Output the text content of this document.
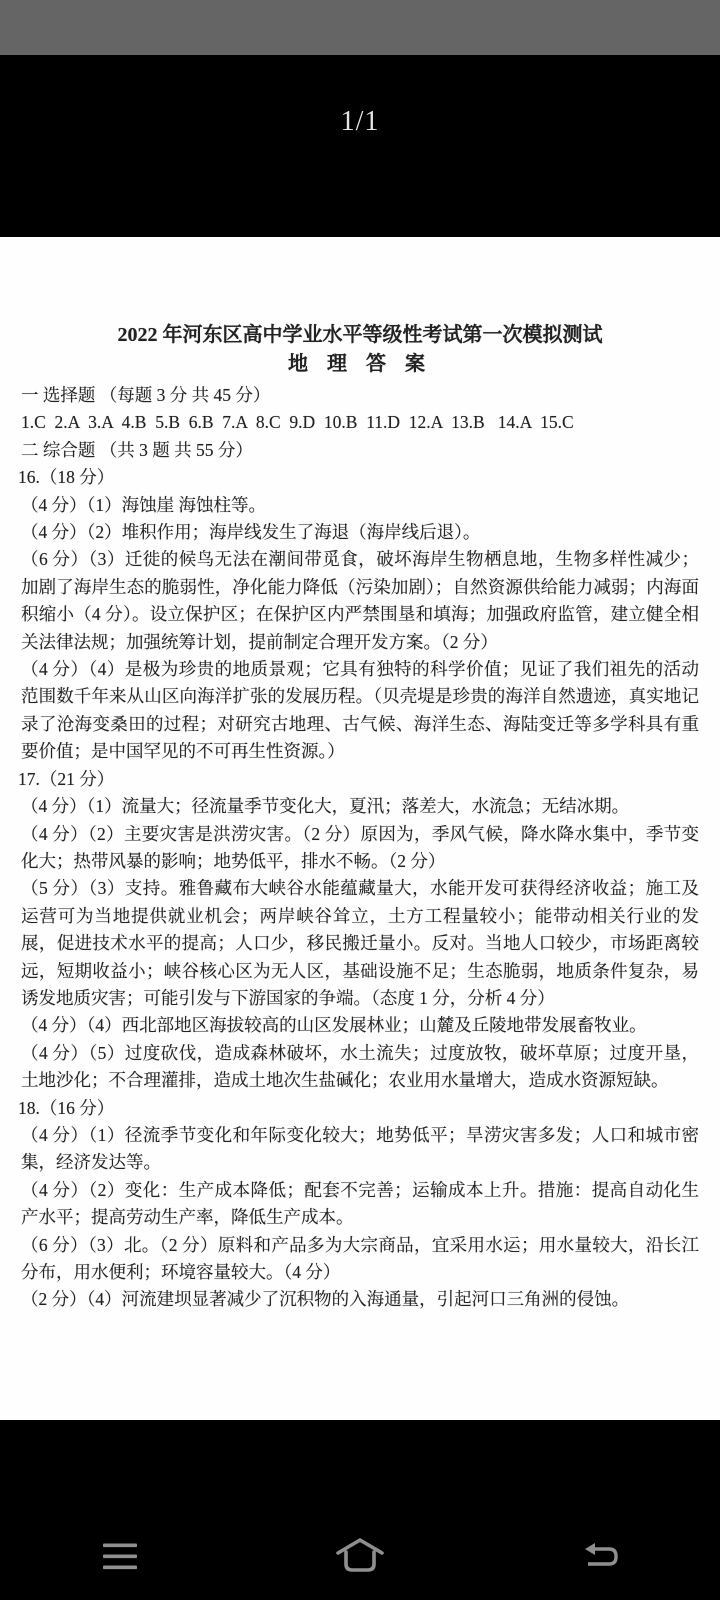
1/1
2022 年河东区高中学业水平等级性考试第一次模拟测试
地 理 答 案

一 选择题 （每题 3 分 共 45 分）

1.C  2.A  3.A  4.B  5.B  6.B  7.A  8.C  9.D  10.B  11.D  12.A  13.B   14.A  15.C

二 综合题 （共 3 题 共 55 分）

16.（18 分）

（4 分）（1）海蚀崖 海蚀柱等。

（4 分）（2）堆积作用；海岸线发生了海退（海岸线后退）。

（6 分）（3）迁徙的候鸟无法在潮间带觅食，破坏海岸生物栖息地，生物多样性减少；加剧了海岸生态的脆弱性，净化能力降低（污染加剧）；自然资源供给能力减弱；内海面积缩小（4 分）。设立保护区；在保护区内严禁围垦和填海；加强政府监管，建立健全相关法律法规；加强统筹计划，提前制定合理开发方案。（2 分）

（4 分）（4）是极为珍贵的地质景观；它具有独特的科学价值；见证了我们祖先的活动范围数千年来从山区向海洋扩张的发展历程。（贝壳堤是珍贵的海洋自然遗迹，真实地记录了沧海变桑田的过程；对研究古地理、古气候、海洋生态、海陆变迁等多学科具有重要价值；是中国罕见的不可再生性资源。）

17.（21 分）

（4 分）（1）流量大；径流量季节变化大，夏汛；落差大，水流急；无结冰期。

（4 分）（2）主要灾害是洪涝灾害。（2 分）原因为，季风气候，降水降水集中，季节变化大；热带风暴的影响；地势低平，排水不畅。（2 分）

（5 分）（3）支持。雅鲁藏布大峡谷水能蕴藏量大，水能开发可获得经济收益；施工及运营可为当地提供就业机会；两岸峡谷耸立，土方工程量较小；能带动相关行业的发展，促进技术水平的提高；人口少，移民搬迁量小。反对。当地人口较少，市场距离较远，短期收益小；峡谷核心区为无人区，基础设施不足；生态脆弱，地质条件复杂，易诱发地质灾害；可能引发与下游国家的争端。（态度 1 分，分析 4 分）

（4 分）（4）西北部地区海拔较高的山区发展林业；山麓及丘陵地带发展畜牧业。

（4 分）（5）过度砍伐，造成森林破坏，水土流失；过度放牧，破坏草原；过度开垦，土地沙化；不合理灌排，造成土地次生盐碱化；农业用水量增大，造成水资源短缺。

18.（16 分）

（4 分）（1）径流季节变化和年际变化较大；地势低平；旱涝灾害多发；人口和城市密集，经济发达等。

（4 分）（2）变化：生产成本降低；配套不完善；运输成本上升。措施：提高自动化生产水平；提高劳动生产率，降低生产成本。

（6 分）（3）北。（2 分）原料和产品多为大宗商品，宜采用水运；用水量较大，沿长江分布，用水便利；环境容量较大。（4 分）

（2 分）（4）河流建坝显著减少了沉积物的入海通量，引起河口三角洲的侵蚀。
